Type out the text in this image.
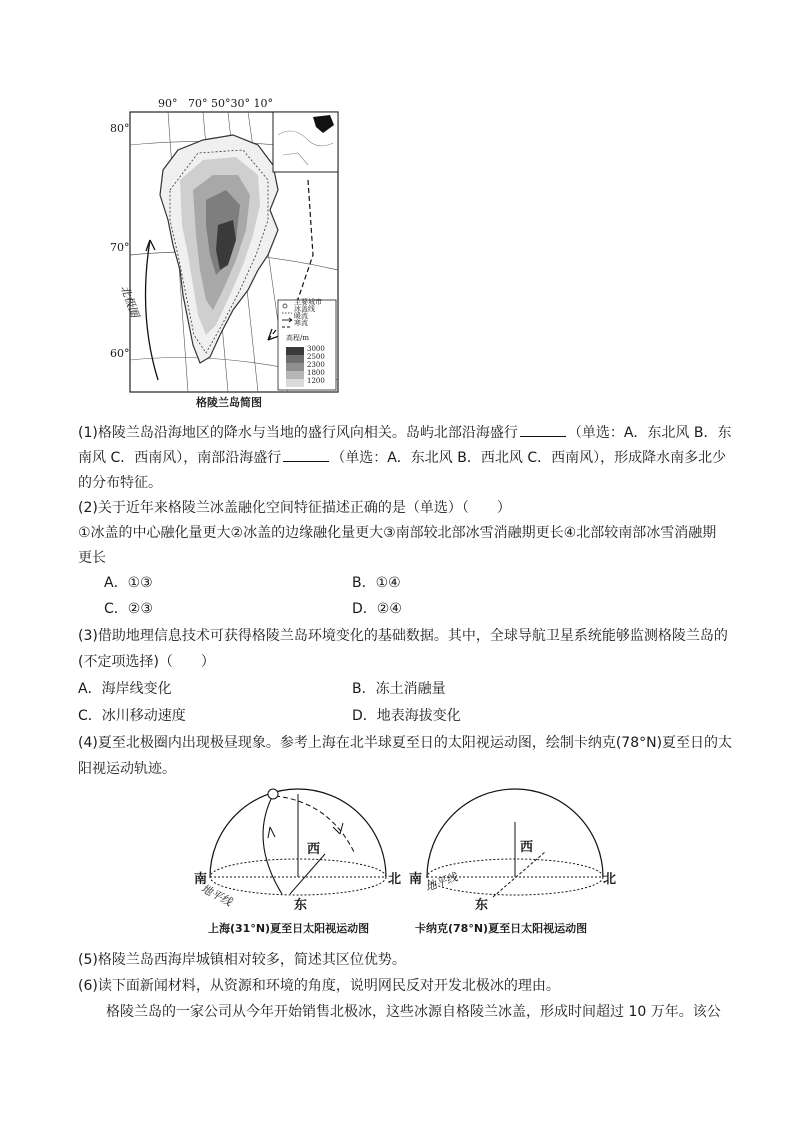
90°   70° 50°30° 10°
80°
70°
60°
北极圈	主要城市
冰盖线
暖流
寒流
高程/m
3000
2500
2300
1800
1200
格陵兰岛简图
(1)格陵兰岛沿海地区的降水与当地的盛行风向相关。岛屿北部沿海盛行	（单选：A．东北风 B．东
南风 C．西南风），南部沿海盛行	（单选：A．东北风 B．西北风 C．西南风），形成降水南多北少
的分布特征。
(2)关于近年来格陵兰冰盖融化空间特征描述正确的是（单选）（　　）
①冰盖的中心融化量更大②冰盖的边缘融化量更大③南部较北部冰雪消融期更长④北部较南部冰雪消融期
更长
A．①③	B．①④
C．②③	D．②④
(3)借助地理信息技术可获得格陵兰岛环境变化的基础数据。其中，全球导航卫星系统能够监测格陵兰岛的
(不定项选择)（　　）
A．海岸线变化	B．冻土消融量
C．冰川移动速度	D．地表海拔变化
(4)夏至北极圈内出现极昼现象。参考上海在北半球夏至日的太阳视运动图，绘制卡纳克(78°N)夏至日的太
阳视运动轨迹。
南	北
西
东
地平线
上海(31°N)夏至日太阳视运动图
南	北
西
东
地平线
卡纳克(78°N)夏至日太阳视运动图
(5)格陵兰岛西海岸城镇相对较多，简述其区位优势。
(6)读下面新闻材料，从资源和环境的角度，说明网民反对开发北极冰的理由。
格陵兰岛的一家公司从今年开始销售北极冰，这些冰源自格陵兰冰盖，形成时间超过 10 万年。该公
